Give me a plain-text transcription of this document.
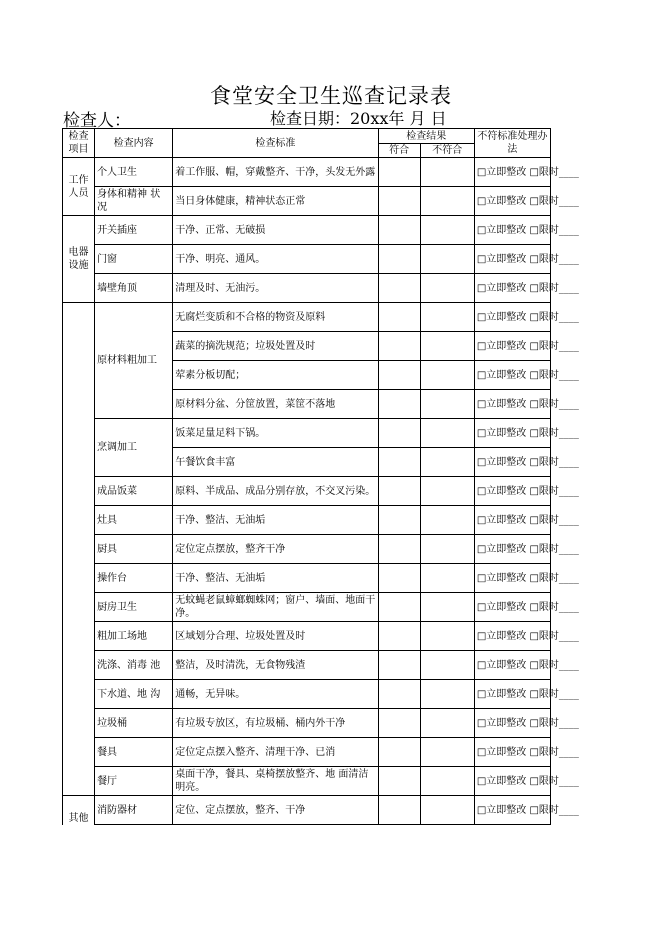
食堂安全卫生巡查记录表
检查人：	检查日期：20xx年 月 日
检查项目	检查内容	检查标准	检查结果		不符标准处理办法
			符合	不符合	
工作人员	个人卫生	着工作服、帽，穿戴整齐、干净，头发无外露			□立即整改 □限时____
	身体和精神 状况	当日身体健康，精神状态正常			□立即整改 □限时____
电器设施	开关插座	干净、正常、无破损			□立即整改 □限时____
	门窗	干净、明亮、通风。			□立即整改 □限时____
	墙壁角顶	清理及时、无油污。			□立即整改 □限时____
	原材料粗加工	无腐烂变质和不合格的物资及原料			□立即整改 □限时____
		蔬菜的摘洗规范；垃圾处置及时			□立即整改 □限时____
		荤素分板切配；			□立即整改 □限时____
		原材料分盆、分筐放置，菜筐不落地			□立即整改 □限时____
	烹调加工	饭菜足量足料下锅。			□立即整改 □限时____
		午餐饮食丰富			□立即整改 □限时____
	成品饭菜	原料、半成品、成品分别存放，不交叉污染。			□立即整改 □限时____
	灶具	干净、整洁、无油垢			□立即整改 □限时____
	厨具	定位定点摆放，整齐干净			□立即整改 □限时____
	操作台	干净、整洁、无油垢			□立即整改 □限时____
	厨房卫生	无蚊蝇老鼠蟑螂蜘蛛网；窗户、墙面、地面干净。			□立即整改 □限时____
	粗加工场地	区域划分合理、垃圾处置及时			□立即整改 □限时____
	洗涤、消毒 池	整洁，及时清洗，无食物残渣			□立即整改 □限时____
	下水道、地 沟	通畅，无异味。			□立即整改 □限时____
	垃圾桶	有垃圾专放区，有垃圾桶、桶内外干净			□立即整改 □限时____
	餐具	定位定点摆入整齐、清理干净、已消			□立即整改 □限时____
	餐厅	桌面干净，餐具、桌椅摆放整齐、地 面清洁明亮。			□立即整改 □限时____
其他	消防器材	定位、定点摆放，整齐、干净			□立即整改 □限时____
